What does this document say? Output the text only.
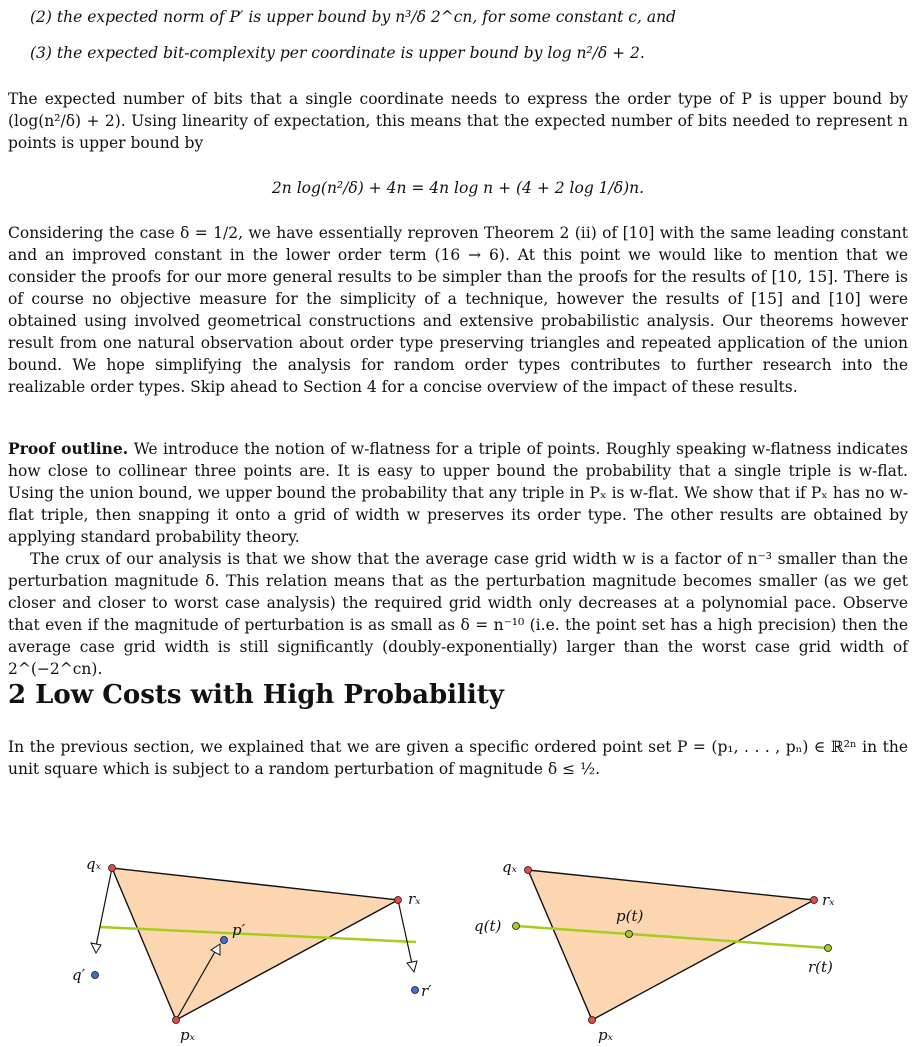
(2) the expected norm of P′ is upper bound by n³/δ 2^cn, for some constant c, and
(3) the expected bit-complexity per coordinate is upper bound by log n²/δ + 2.
The expected number of bits that a single coordinate needs to express the order type of P is upper bound by (log(n²/δ) + 2). Using linearity of expectation, this means that the expected number of bits needed to represent n points is upper bound by
2n log(n²/δ) + 4n = 4n log n + (4 + 2 log 1/δ)n.
Considering the case δ = 1/2, we have essentially reproven Theorem 2 (ii) of [10] with the same leading constant and an improved constant in the lower order term (16 → 6). At this point we would like to mention that we consider the proofs for our more general results to be simpler than the proofs for the results of [10, 15]. There is of course no objective measure for the simplicity of a technique, however the results of [15] and [10] were obtained using involved geometrical constructions and extensive probabilistic analysis. Our theorems however result from one natural observation about order type preserving triangles and repeated application of the union bound. We hope simplifying the analysis for random order types contributes to further research into the realizable order types. Skip ahead to Section 4 for a concise overview of the impact of these results.
Proof outline. We introduce the notion of w-flatness for a triple of points. Roughly speaking w-flatness indicates how close to collinear three points are. It is easy to upper bound the probability that a single triple is w-flat. Using the union bound, we upper bound the probability that any triple in Pₓ is w-flat. We show that if Pₓ has no w-flat triple, then snapping it onto a grid of width w preserves its order type. The other results are obtained by applying standard probability theory.
The crux of our analysis is that we show that the average case grid width w is a factor of n⁻³ smaller than the perturbation magnitude δ. This relation means that as the perturbation magnitude becomes smaller (as we get closer and closer to worst case analysis) the required grid width only decreases at a polynomial pace. Observe that even if the magnitude of perturbation is as small as δ = n⁻¹⁰ (i.e. the point set has a high precision) then the average case grid width is still significantly (doubly-exponentially) larger than the worst case grid width of 2^(−2^cn).
2 Low Costs with High Probability
In the previous section, we explained that we are given a specific ordered point set P = (p₁, . . . , pₙ) ∈ ℝ²ⁿ in the unit square which is subject to a random perturbation of magnitude δ ≤ ½.
qₓ
rₓ
pₓ
p′
q′
r′
qₓ
rₓ
pₓ
p(t)
q(t)
r(t)
